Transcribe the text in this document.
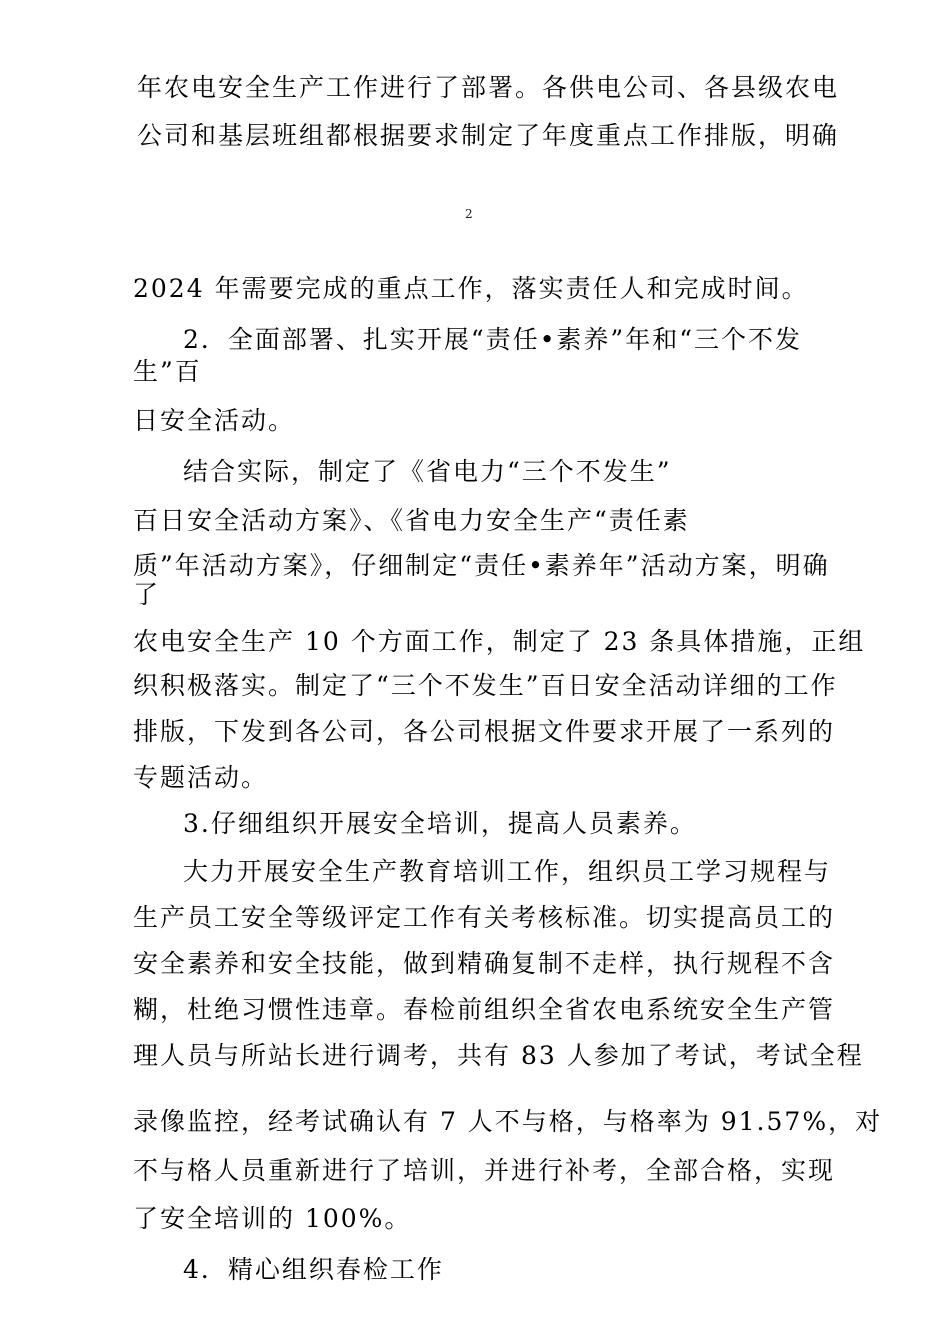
年农电安全生产工作进行了部署。各供电公司、各县级农电
公司和基层班组都根据要求制定了年度重点工作排版，明确
2
2024 年需要完成的重点工作，落实责任人和完成时间。
2．全面部署、扎实开展“责任•素养”年和“三个不发
生”百
日安全活动。
结合实际，制定了《省电力“三个不发生”
百日安全活动方案》、《省电力安全生产“责任素
质”年活动方案》，仔细制定“责任•素养年”活动方案，明确
了
农电安全生产 10 个方面工作，制定了 23 条具体措施，正组
织积极落实。制定了“三个不发生”百日安全活动详细的工作
排版，下发到各公司，各公司根据文件要求开展了一系列的
专题活动。
3.仔细组织开展安全培训，提高人员素养。
大力开展安全生产教育培训工作，组织员工学习规程与
生产员工安全等级评定工作有关考核标准。切实提高员工的
安全素养和安全技能，做到精确复制不走样，执行规程不含
糊，杜绝习惯性违章。春检前组织全省农电系统安全生产管
理人员与所站长进行调考，共有 83 人参加了考试，考试全程
录像监控，经考试确认有 7 人不与格，与格率为 91.57%，对
不与格人员重新进行了培训，并进行补考，全部合格，实现
了安全培训的 100%。
4．精心组织春检工作
